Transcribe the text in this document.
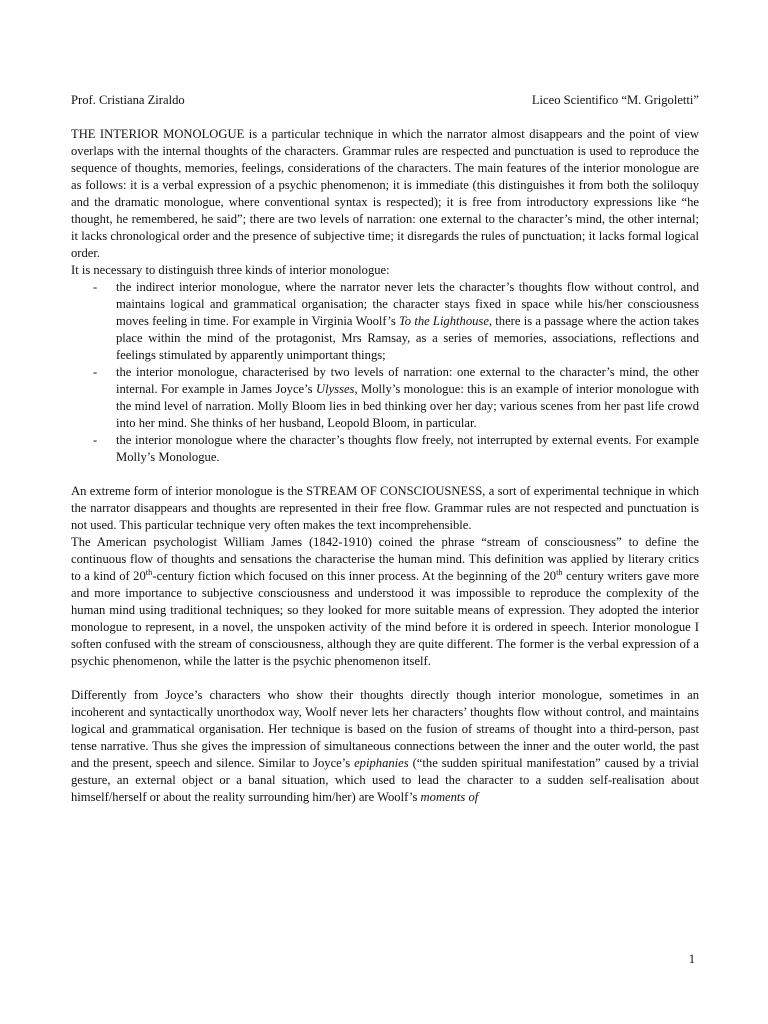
Prof. Cristiana Ziraldo	Liceo Scientifico “M. Grigoletti”

THE INTERIOR MONOLOGUE is a particular technique in which the narrator almost disappears and the point of view overlaps with the internal thoughts of the characters. Grammar rules are respected and punctuation is used to reproduce the sequence of thoughts, memories, feelings, considerations of the characters. The main features of the interior monologue are as follows: it is a verbal expression of a psychic phenomenon; it is immediate (this distinguishes it from both the soliloquy and the dramatic monologue, where conventional syntax is respected); it is free from introductory expressions like “he thought, he remembered, he said”; there are two levels of narration: one external to the character’s mind, the other internal; it lacks chronological order and the presence of subjective time; it disregards the rules of punctuation; it lacks formal logical order.

It is necessary to distinguish three kinds of interior monologue:

- the indirect interior monologue, where the narrator never lets the character’s thoughts flow without control, and maintains logical and grammatical organisation; the character stays fixed in space while his/her consciousness moves feeling in time. For example in Virginia Woolf’s To the Lighthouse, there is a passage where the action takes place within the mind of the protagonist, Mrs Ramsay, as a series of memories, associations, reflections and feelings stimulated by apparently unimportant things;
- the interior monologue, characterised by two levels of narration: one external to the character’s mind, the other internal. For example in James Joyce’s Ulysses, Molly’s monologue: this is an example of interior monologue with the mind level of narration. Molly Bloom lies in bed thinking over her day; various scenes from her past life crowd into her mind. She thinks of her husband, Leopold Bloom, in particular.
- the interior monologue where the character’s thoughts flow freely, not interrupted by external events. For example Molly’s Monologue.

An extreme form of interior monologue is the STREAM OF CONSCIOUSNESS, a sort of experimental technique in which the narrator disappears and thoughts are represented in their free flow. Grammar rules are not respected and punctuation is not used. This particular technique very often makes the text incomprehensible.

The American psychologist William James (1842-1910) coined the phrase “stream of consciousness” to define the continuous flow of thoughts and sensations the characterise the human mind. This definition was applied by literary critics to a kind of 20th-century fiction which focused on this inner process. At the beginning of the 20th century writers gave more and more importance to subjective consciousness and understood it was impossible to reproduce the complexity of the human mind using traditional techniques; so they looked for more suitable means of expression. They adopted the interior monologue to represent, in a novel, the unspoken activity of the mind before it is ordered in speech. Interior monologue I soften confused with the stream of consciousness, although they are quite different. The former is the verbal expression of a psychic phenomenon, while the latter is the psychic phenomenon itself.

Differently from Joyce’s characters who show their thoughts directly though interior monologue, sometimes in an incoherent and syntactically unorthodox way, Woolf never lets her characters’ thoughts flow without control, and maintains logical and grammatical organisation. Her technique is based on the fusion of streams of thought into a third-person, past tense narrative. Thus she gives the impression of simultaneous connections between the inner and the outer world, the past and the present, speech and silence. Similar to Joyce’s epiphanies (“the sudden spiritual manifestation” caused by a trivial gesture, an external object or a banal situation, which used to lead the character to a sudden self-realisation about himself/herself or about the reality surrounding him/her) are Woolf’s moments of

1
